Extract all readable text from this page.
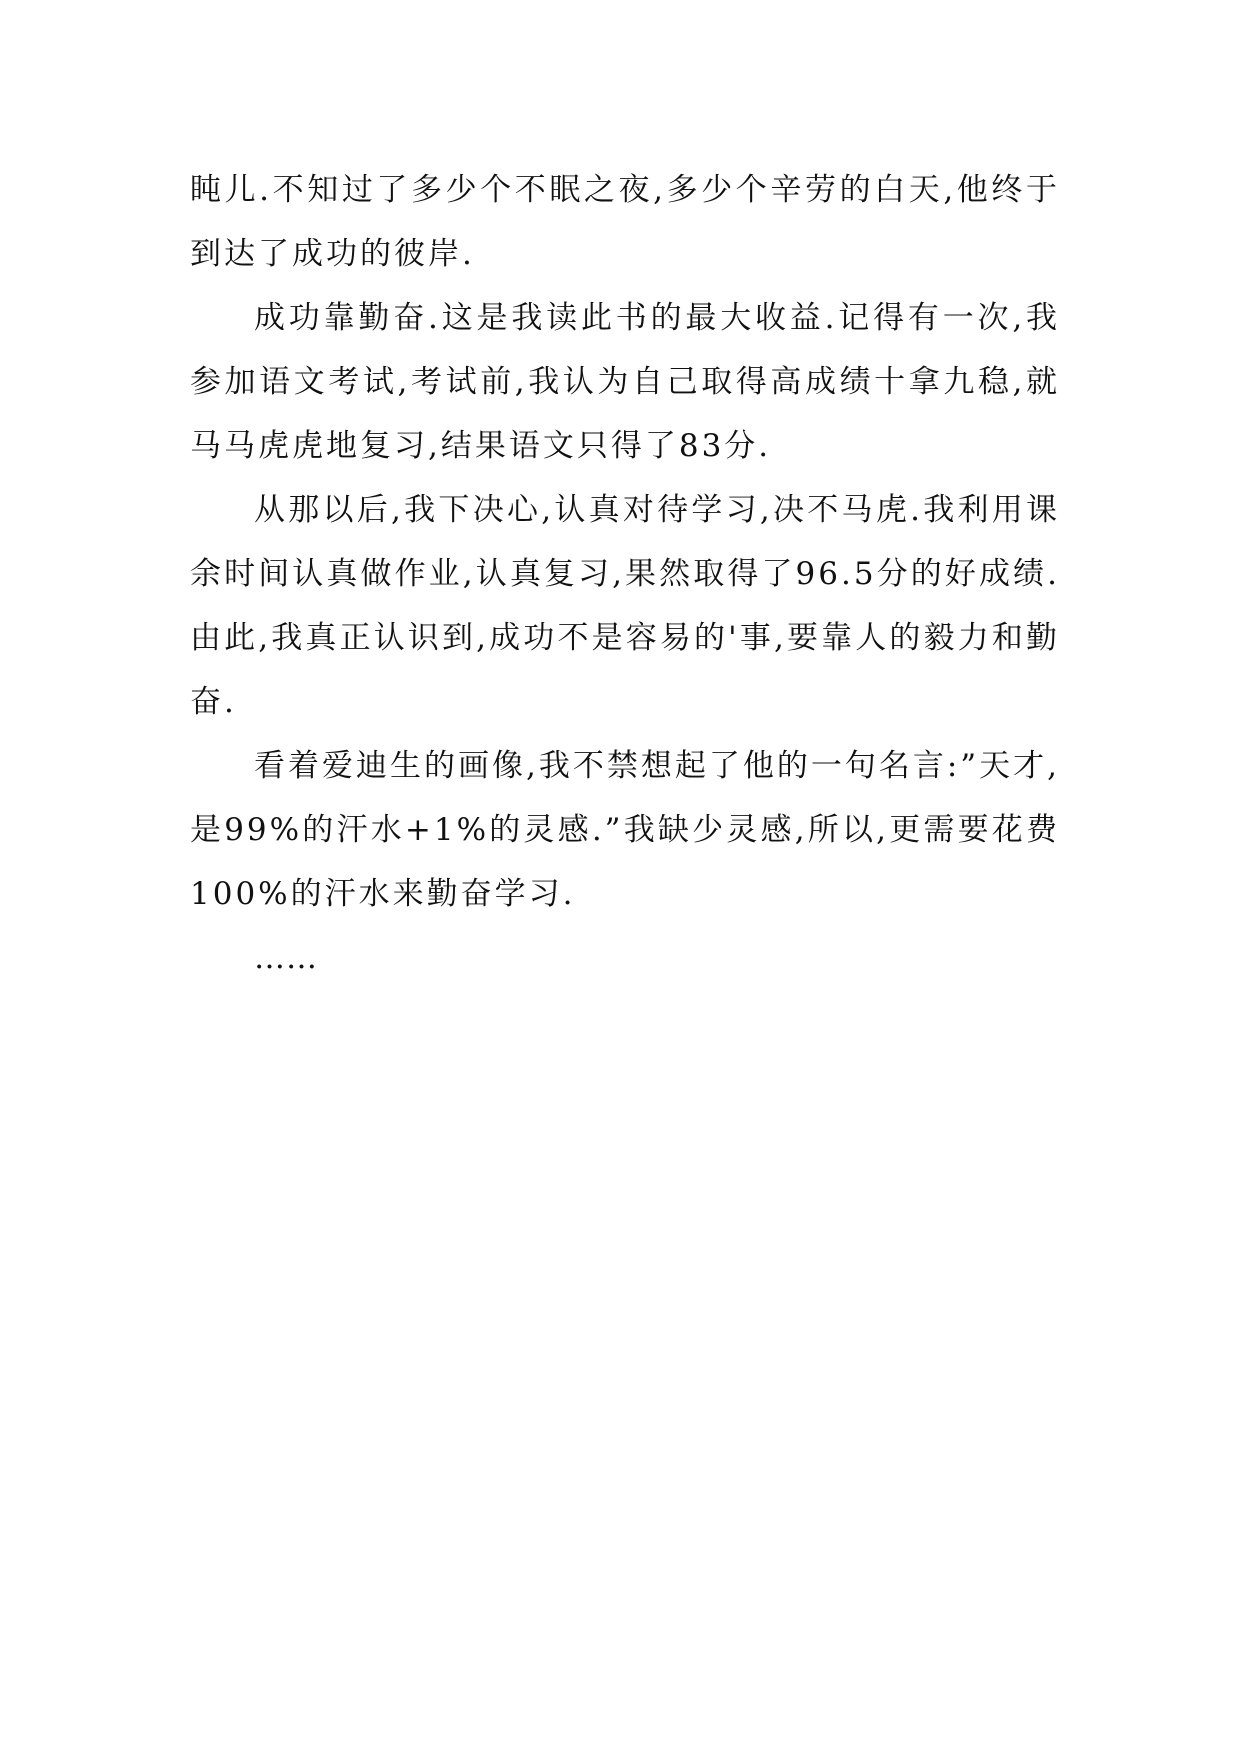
盹儿.不知过了多少个不眠之夜,多少个辛劳的白天,他终于到达了成功的彼岸.

成功靠勤奋.这是我读此书的最大收益.记得有一次,我参加语文考试,考试前,我认为自己取得高成绩十拿九稳,就马马虎虎地复习,结果语文只得了83分.

从那以后,我下决心,认真对待学习,决不马虎.我利用课余时间认真做作业,认真复习,果然取得了96.5分的好成绩.由此,我真正认识到,成功不是容易的'事,要靠人的毅力和勤奋.

看着爱迪生的画像,我不禁想起了他的一句名言:”天才,是99%的汗水+1%的灵感.”我缺少灵感,所以,更需要花费100%的汗水来勤奋学习.

……
